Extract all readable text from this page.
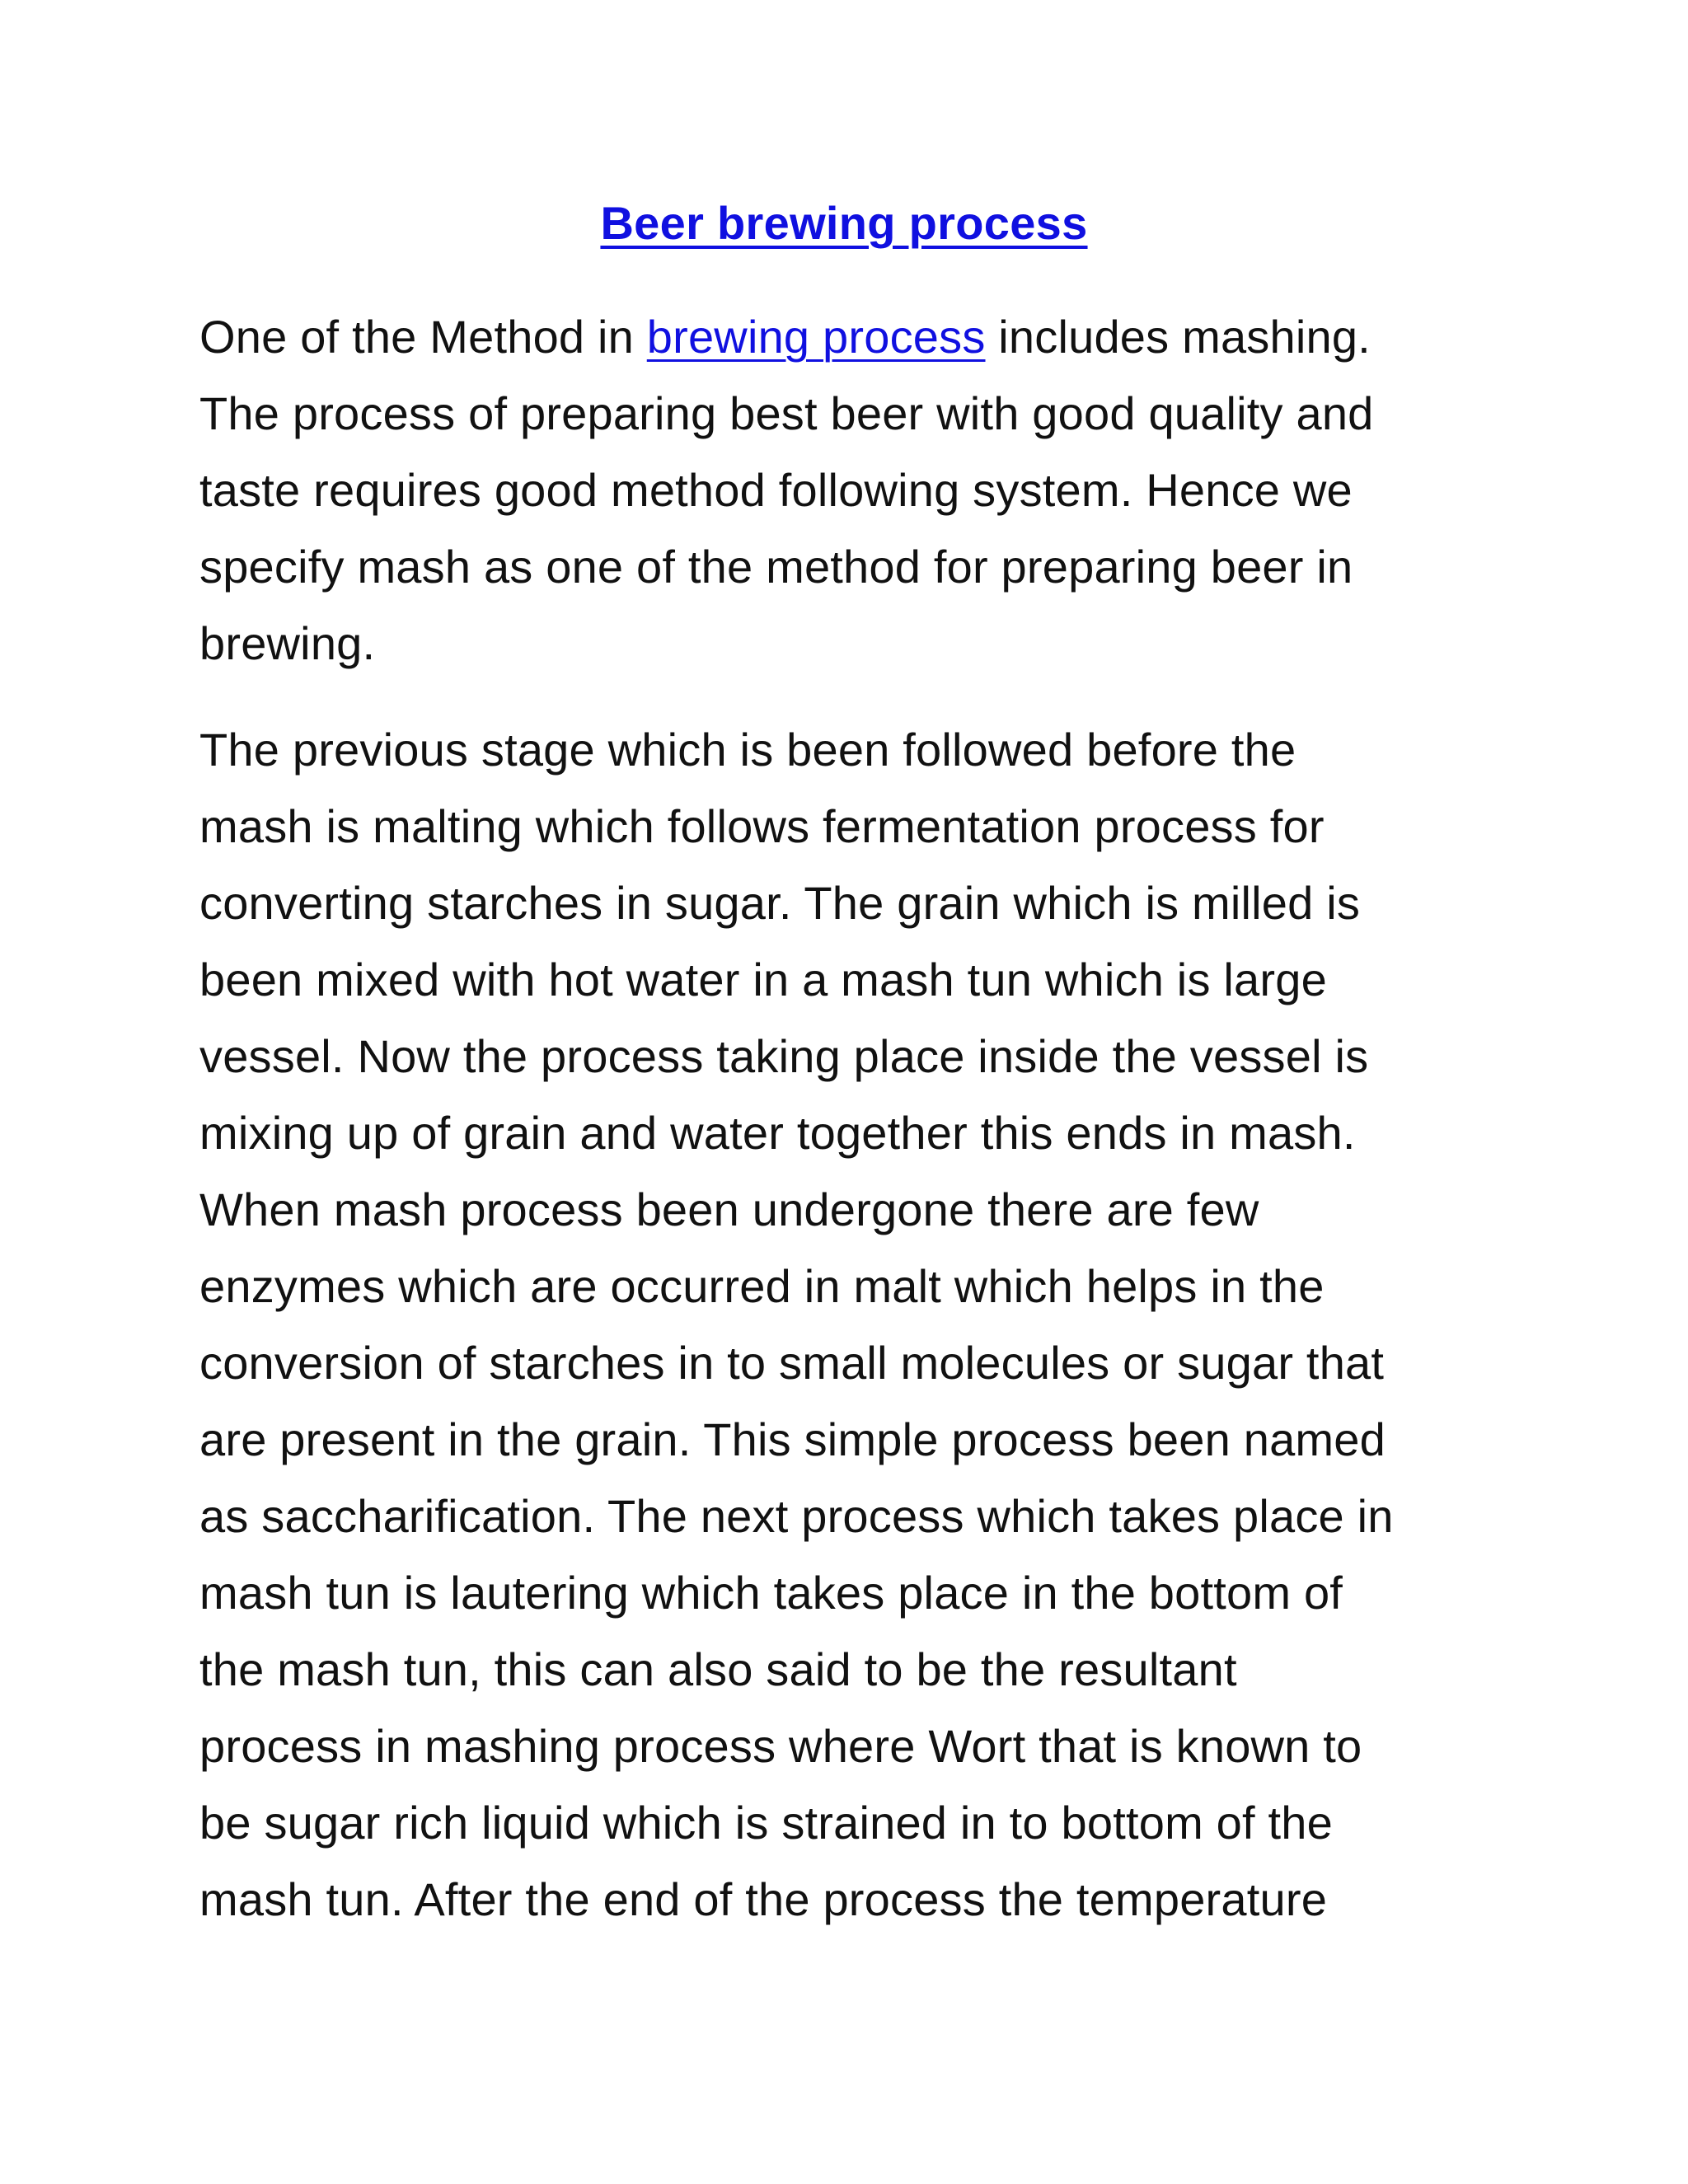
Beer brewing process

One of the Method in brewing process includes mashing.
The process of preparing best beer with good quality and
taste requires good method following system. Hence we
specify mash as one of the method for preparing beer in
brewing.

The previous stage which is been followed before the
mash is malting which follows fermentation process for
converting starches in sugar. The grain which is milled is
been mixed with hot water in a mash tun which is large
vessel. Now the process taking place inside the vessel is
mixing up of grain and water together this ends in mash.
When mash process been undergone there are few
enzymes which are occurred in malt which helps in the
conversion of starches in to small molecules or sugar that
are present in the grain. This simple process been named
as saccharification. The next process which takes place in
mash tun is lautering which takes place in the bottom of
the mash tun, this can also said to be the resultant
process in mashing process where Wort that is known to
be sugar rich liquid which is strained in to bottom of the
mash tun. After the end of the process the temperature
